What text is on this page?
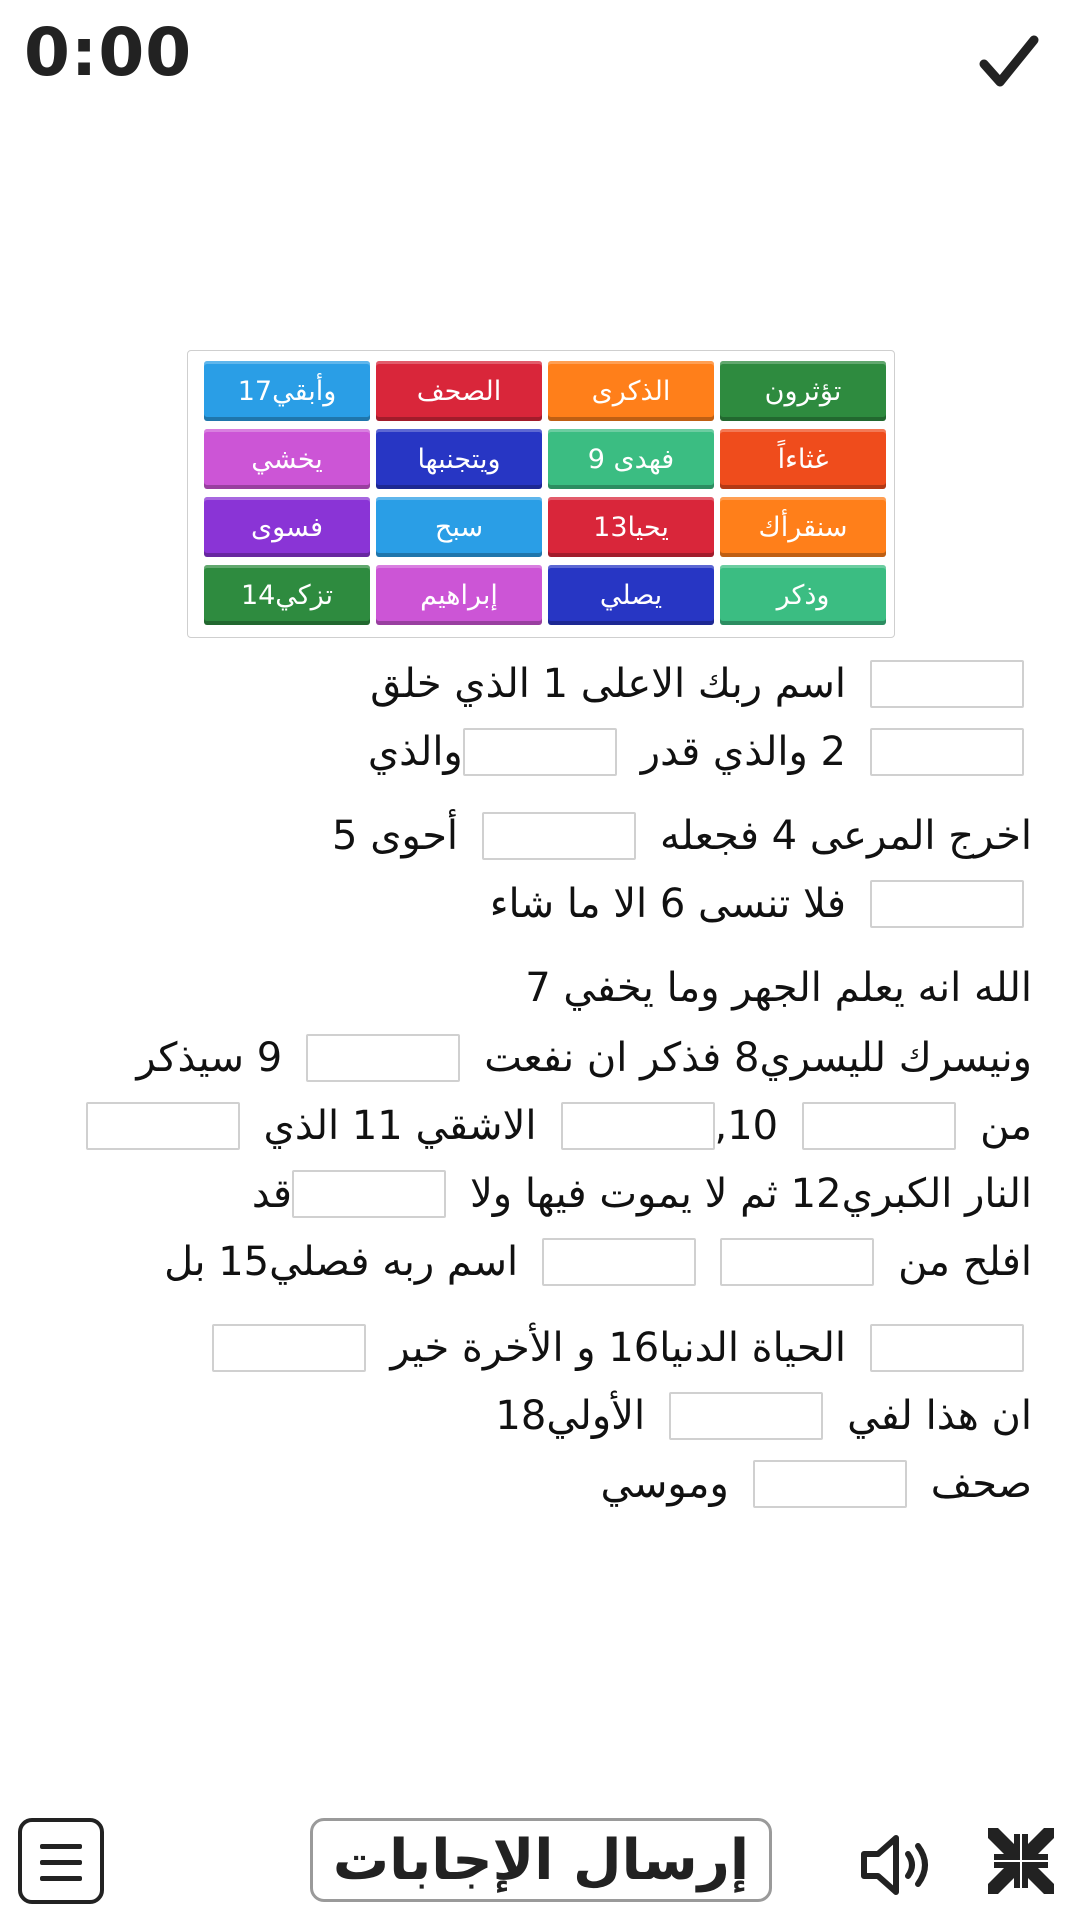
0:00
تؤثرون
الذكرى
الصحف
وأبقي17
غثاءاً
فهدى 9
ويتجنبها
يخشي
سنقرأك
يحيا13
سبح
فسوى
وذكر
يصلي
إبراهيم
تزكي14
اسم ربك الاعلى 1 الذي خلق
2 والذي قدر
والذي
اخرج المرعى 4 فجعله
أحوى 5
فلا تنسى 6 الا ما شاء
الله انه يعلم الجهر وما يخفي 7
ونيسرك لليسري8 فذكر ان نفعت
9 سيذكر
من
10,
الاشقي 11 الذي
النار الكبري12 ثم لا يموت فيها ولا
قد
افلح من
اسم ربه فصلي15 بل
الحياة الدنيا16 و الأخرة خير
ان هذا لفي
الأولي18
صحف
وموسي
إرسال الإجابات
